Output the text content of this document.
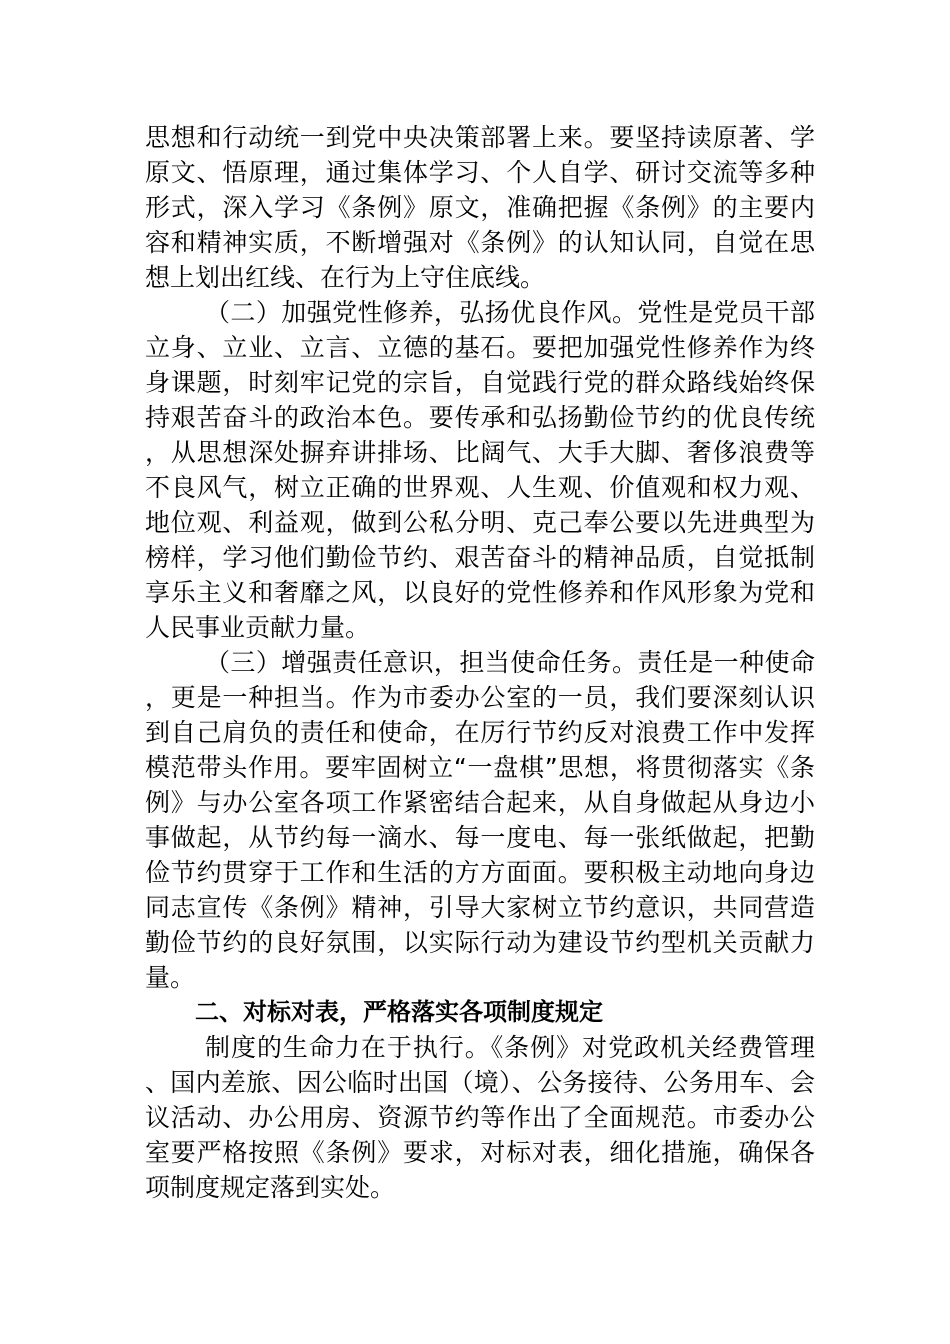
思想和行动统一到党中央决策部署上来。要坚持读原著、学原文、悟原理，通过集体学习、个人自学、研讨交流等多种形式，深入学习《条例》原文，准确把握《条例》的主要内容和精神实质，不断增强对《条例》的认知认同，自觉在思想上划出红线、在行为上守住底线。

（二）加强党性修养，弘扬优良作风。党性是党员干部立身、立业、立言、立德的基石。要把加强党性修养作为终身课题，时刻牢记党的宗旨，自觉践行党的群众路线始终保持艰苦奋斗的政治本色。要传承和弘扬勤俭节约的优良传统，从思想深处摒弃讲排场、比阔气、大手大脚、奢侈浪费等不良风气，树立正确的世界观、人生观、价值观和权力观、地位观、利益观，做到公私分明、克己奉公要以先进典型为榜样，学习他们勤俭节约、艰苦奋斗的精神品质，自觉抵制享乐主义和奢靡之风，以良好的党性修养和作风形象为党和人民事业贡献力量。

（三）增强责任意识，担当使命任务。责任是一种使命，更是一种担当。作为市委办公室的一员，我们要深刻认识到自己肩负的责任和使命，在厉行节约反对浪费工作中发挥模范带头作用。要牢固树立“一盘棋”思想，将贯彻落实《条例》与办公室各项工作紧密结合起来，从自身做起从身边小事做起，从节约每一滴水、每一度电、每一张纸做起，把勤俭节约贯穿于工作和生活的方方面面。要积极主动地向身边同志宣传《条例》精神，引导大家树立节约意识，共同营造勤俭节约的良好氛围，以实际行动为建设节约型机关贡献力量。

二、对标对表，严格落实各项制度规定

制度的生命力在于执行。《条例》对党政机关经费管理、国内差旅、因公临时出国（境）、公务接待、公务用车、会议活动、办公用房、资源节约等作出了全面规范。市委办公室要严格按照《条例》要求，对标对表，细化措施，确保各项制度规定落到实处。
